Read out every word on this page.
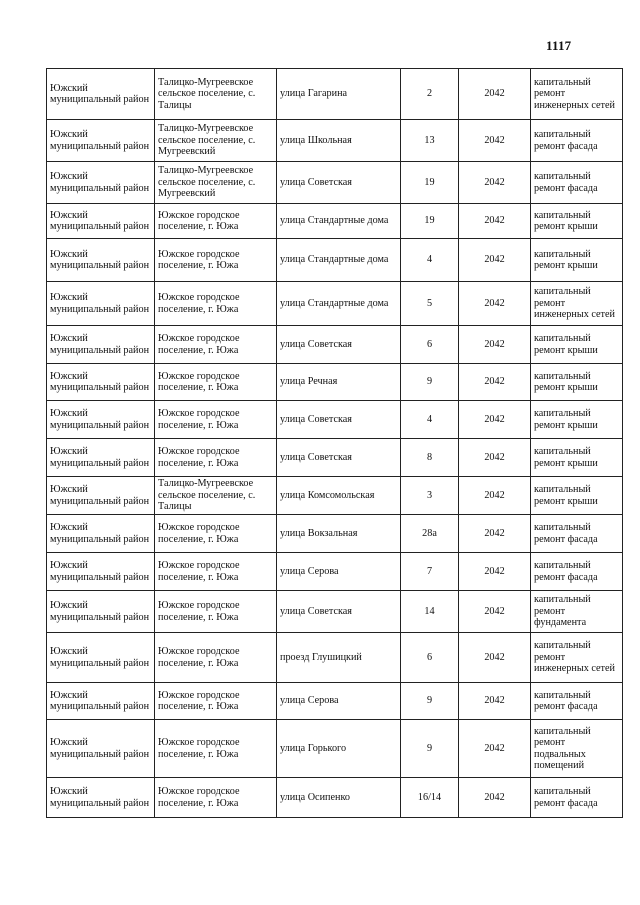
1117
Южский муниципальный район	Талицко-Мугреевское сельское поселение, с. Талицы	улица Гагарина	2	2042	капитальный ремонт инженерных сетей
Южский муниципальный район	Талицко-Мугреевское сельское поселение, с. Мугреевский	улица Школьная	13	2042	капитальный ремонт фасада
Южский муниципальный район	Талицко-Мугреевское сельское поселение, с. Мугреевский	улица Советская	19	2042	капитальный ремонт фасада
Южский муниципальный район	Южское городское поселение, г. Южа	улица Стандартные дома	19	2042	капитальный ремонт крыши
Южский муниципальный район	Южское городское поселение, г. Южа	улица Стандартные дома	4	2042	капитальный ремонт крыши
Южский муниципальный район	Южское городское поселение, г. Южа	улица Стандартные дома	5	2042	капитальный ремонт инженерных сетей
Южский муниципальный район	Южское городское поселение, г. Южа	улица Советская	6	2042	капитальный ремонт крыши
Южский муниципальный район	Южское городское поселение, г. Южа	улица Речная	9	2042	капитальный ремонт крыши
Южский муниципальный район	Южское городское поселение, г. Южа	улица Советская	4	2042	капитальный ремонт крыши
Южский муниципальный район	Южское городское поселение, г. Южа	улица Советская	8	2042	капитальный ремонт крыши
Южский муниципальный район	Талицко-Мугреевское сельское поселение, с. Талицы	улица Комсомольская	3	2042	капитальный ремонт крыши
Южский муниципальный район	Южское городское поселение, г. Южа	улица Вокзальная	28а	2042	капитальный ремонт фасада
Южский муниципальный район	Южское городское поселение, г. Южа	улица Серова	7	2042	капитальный ремонт фасада
Южский муниципальный район	Южское городское поселение, г. Южа	улица Советская	14	2042	капитальный ремонт фундамента
Южский муниципальный район	Южское городское поселение, г. Южа	проезд Глушицкий	6	2042	капитальный ремонт инженерных сетей
Южский муниципальный район	Южское городское поселение, г. Южа	улица Серова	9	2042	капитальный ремонт фасада
Южский муниципальный район	Южское городское поселение, г. Южа	улица Горького	9	2042	капитальный ремонт подвальных помещений
Южский муниципальный район	Южское городское поселение, г. Южа	улица Осипенко	16/14	2042	капитальный ремонт фасада
